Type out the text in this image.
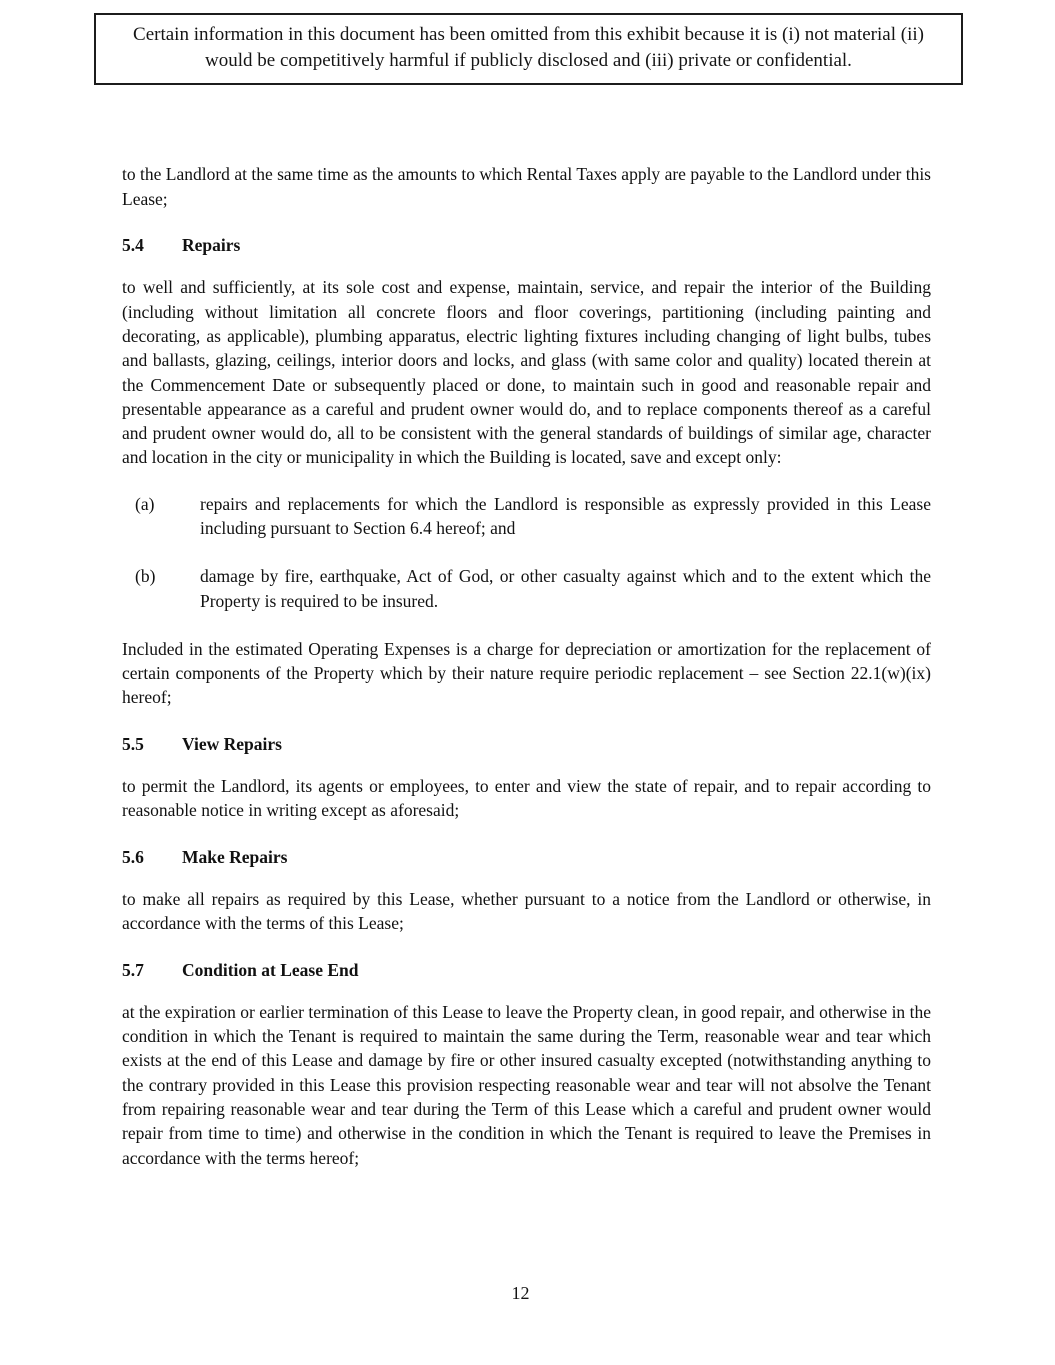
Certain information in this document has been omitted from this exhibit because it is (i) not material (ii) would be competitively harmful if publicly disclosed and (iii) private or confidential.

to the Landlord at the same time as the amounts to which Rental Taxes apply are payable to the Landlord under this Lease;

5.4 Repairs

to well and sufficiently, at its sole cost and expense, maintain, service, and repair the interior of the Building (including without limitation all concrete floors and floor coverings, partitioning (including painting and decorating, as applicable), plumbing apparatus, electric lighting fixtures including changing of light bulbs, tubes and ballasts, glazing, ceilings, interior doors and locks, and glass (with same color and quality) located therein at the Commencement Date or subsequently placed or done, to maintain such in good and reasonable repair and presentable appearance as a careful and prudent owner would do, and to replace components thereof as a careful and prudent owner would do, all to be consistent with the general standards of buildings of similar age, character and location in the city or municipality in which the Building is located, save and except only:

(a)	repairs and replacements for which the Landlord is responsible as expressly provided in this Lease including pursuant to Section 6.4 hereof; and
(b)	damage by fire, earthquake, Act of God, or other casualty against which and to the extent which the Property is required to be insured.

Included in the estimated Operating Expenses is a charge for depreciation or amortization for the replacement of certain components of the Property which by their nature require periodic replacement – see Section 22.1(w)(ix) hereof;

5.5 View Repairs

to permit the Landlord, its agents or employees, to enter and view the state of repair, and to repair according to reasonable notice in writing except as aforesaid;

5.6 Make Repairs

to make all repairs as required by this Lease, whether pursuant to a notice from the Landlord or otherwise, in accordance with the terms of this Lease;

5.7 Condition at Lease End

at the expiration or earlier termination of this Lease to leave the Property clean, in good repair, and otherwise in the condition in which the Tenant is required to maintain the same during the Term, reasonable wear and tear which exists at the end of this Lease and damage by fire or other insured casualty excepted (notwithstanding anything to the contrary provided in this Lease this provision respecting reasonable wear and tear will not absolve the Tenant from repairing reasonable wear and tear during the Term of this Lease which a careful and prudent owner would repair from time to time) and otherwise in the condition in which the Tenant is required to leave the Premises in accordance with the terms hereof;

12
